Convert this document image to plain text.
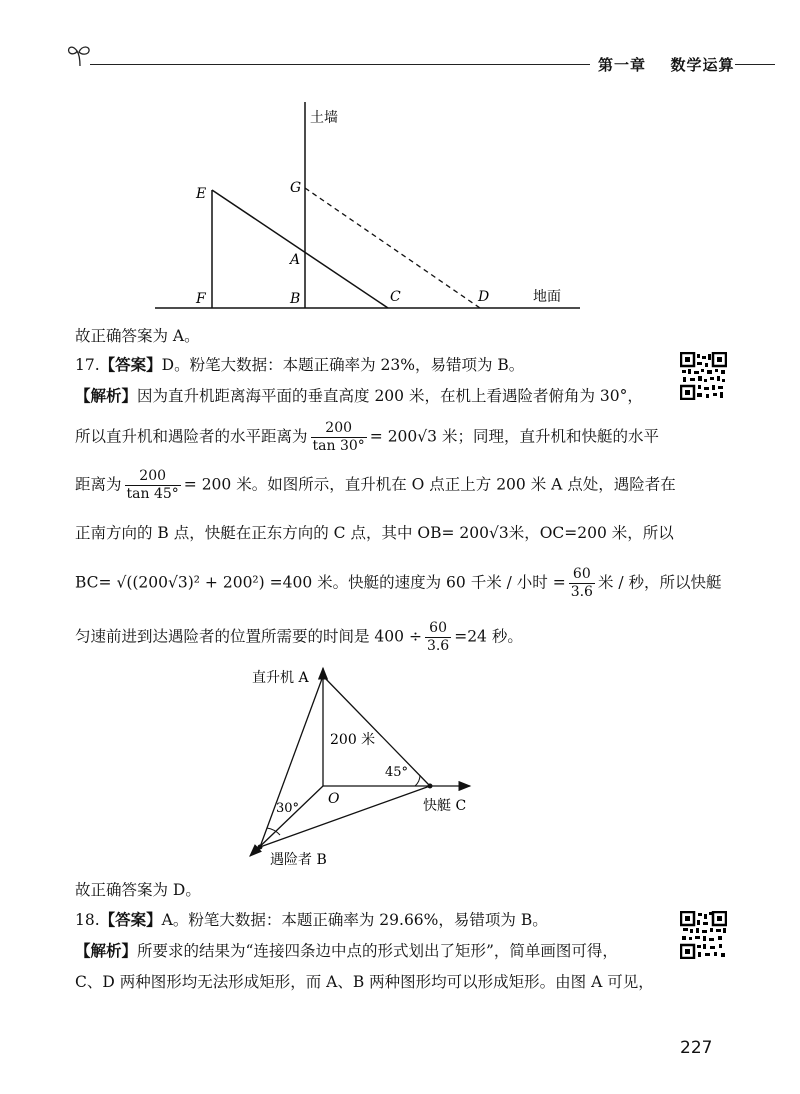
第一章 数学运算
土墙
E	G
A
F	B	C	D	地面
故正确答案为 A。
17.【答案】D。粉笔大数据：本题正确率为 23%，易错项为 B。
【解析】因为直升机距离海平面的垂直高度 200 米，在机上看遇险者俯角为 30°，
所以直升机和遇险者的水平距离为 $\frac{200}{\tan 30^\circ} = 200√3$ 米；同理，直升机和快艇的水平
距离为 $\frac{200}{\tan 45^\circ} = 200$ 米。如图所示，直升机在 O 点正上方 200 米 A 点处，遇险者在
正南方向的 B 点，快艇在正东方向的 C 点，其中 OB= 200√3米，OC=200 米，所以
BC= √((200√3)² + 200²) =400 米。快艇的速度为 60 千米 / 小时 = $\frac{60}{3.6}$ 米 / 秒，所以快艇
匀速前进到达遇险者的位置所需要的时间是 $400 \div \frac{60}{3.6} =24$ 秒。
直升机 A
200 米
45°
O	快艇 C
30°
遇险者 B
故正确答案为 D。
18.【答案】A。粉笔大数据：本题正确率为 29.66%，易错项为 B。
【解析】所要求的结果为“连接四条边中点的形式划出了矩形”，简单画图可得，
C、D 两种图形均无法形成矩形，而 A、B 两种图形均可以形成矩形。由图 A 可见，
227
